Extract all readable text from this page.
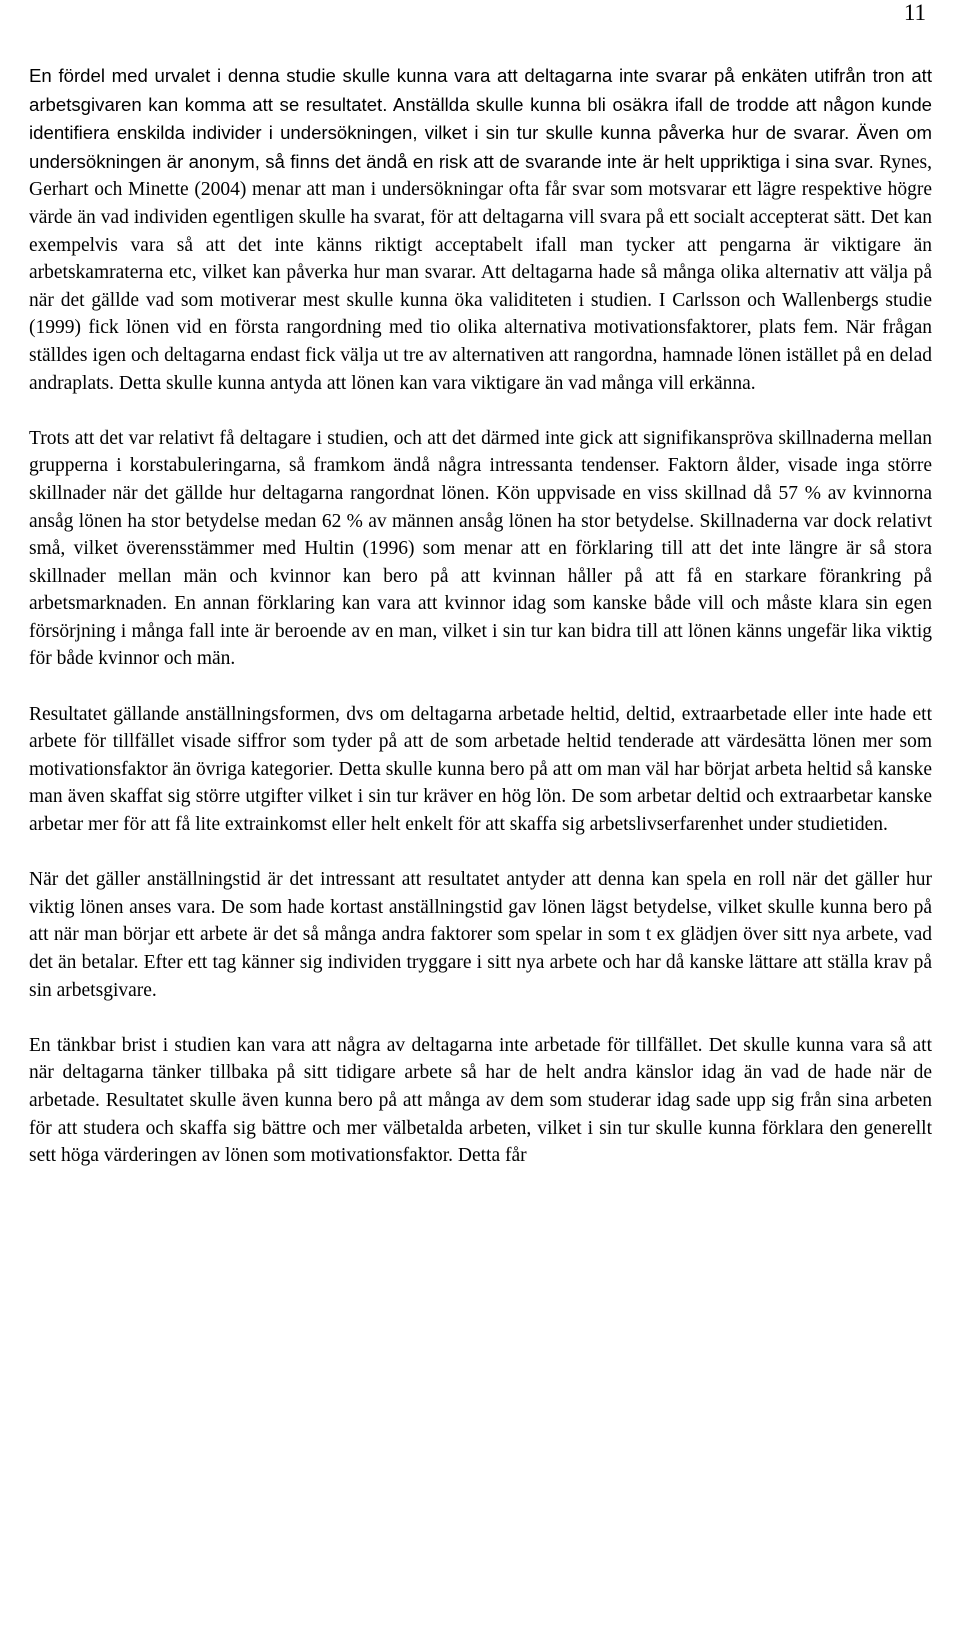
11

En fördel med urvalet i denna studie skulle kunna vara att deltagarna inte svarar på enkäten utifrån tron att arbetsgivaren kan komma att se resultatet. Anställda skulle kunna bli osäkra ifall de trodde att någon kunde identifiera enskilda individer i undersökningen, vilket i sin tur skulle kunna påverka hur de svarar. Även om undersökningen är anonym, så finns det ändå en risk att de svarande inte är helt uppriktiga i sina svar. Rynes, Gerhart och Minette (2004) menar att man i undersökningar ofta får svar som motsvarar ett lägre respektive högre värde än vad individen egentligen skulle ha svarat, för att deltagarna vill svara på ett socialt accepterat sätt. Det kan exempelvis vara så att det inte känns riktigt acceptabelt ifall man tycker att pengarna är viktigare än arbetskamraterna etc, vilket kan påverka hur man svarar. Att deltagarna hade så många olika alternativ att välja på när det gällde vad som motiverar mest skulle kunna öka validiteten i studien. I Carlsson och Wallenbergs studie (1999) fick lönen vid en första rangordning med tio olika alternativa motivationsfaktorer, plats fem. När frågan ställdes igen och deltagarna endast fick välja ut tre av alternativen att rangordna, hamnade lönen istället på en delad andraplats. Detta skulle kunna antyda att lönen kan vara viktigare än vad många vill erkänna.

Trots att det var relativt få deltagare i studien, och att det därmed inte gick att signifikanspröva skillnaderna mellan grupperna i korstabuleringarna, så framkom ändå några intressanta tendenser. Faktorn ålder, visade inga större skillnader när det gällde hur deltagarna rangordnat lönen. Kön uppvisade en viss skillnad då 57 % av kvinnorna ansåg lönen ha stor betydelse medan 62 % av männen ansåg lönen ha stor betydelse. Skillnaderna var dock relativt små, vilket överensstämmer med Hultin (1996) som menar att en förklaring till att det inte längre är så stora skillnader mellan män och kvinnor kan bero på att kvinnan håller på att få en starkare förankring på arbetsmarknaden. En annan förklaring kan vara att kvinnor idag som kanske både vill och måste klara sin egen försörjning i många fall inte är beroende av en man, vilket i sin tur kan bidra till att lönen känns ungefär lika viktig för både kvinnor och män.

Resultatet gällande anställningsformen, dvs om deltagarna arbetade heltid, deltid, extraarbetade eller inte hade ett arbete för tillfället visade siffror som tyder på att de som arbetade heltid tenderade att värdesätta lönen mer som motivationsfaktor än övriga kategorier. Detta skulle kunna bero på att om man väl har börjat arbeta heltid så kanske man även skaffat sig större utgifter vilket i sin tur kräver en hög lön. De som arbetar deltid och extraarbetar kanske arbetar mer för att få lite extrainkomst eller helt enkelt för att skaffa sig arbetslivserfarenhet under studietiden.

När det gäller anställningstid är det intressant att resultatet antyder att denna kan spela en roll när det gäller hur viktig lönen anses vara. De som hade kortast anställningstid gav lönen lägst betydelse, vilket skulle kunna bero på att när man börjar ett arbete är det så många andra faktorer som spelar in som t ex glädjen över sitt nya arbete, vad det än betalar. Efter ett tag känner sig individen tryggare i sitt nya arbete och har då kanske lättare att ställa krav på sin arbetsgivare.

En tänkbar brist i studien kan vara att några av deltagarna inte arbetade för tillfället. Det skulle kunna vara så att när deltagarna tänker tillbaka på sitt tidigare arbete så har de helt andra känslor idag än vad de hade när de arbetade. Resultatet skulle även kunna bero på att många av dem som studerar idag sade upp sig från sina arbeten för att studera och skaffa sig bättre och mer välbetalda arbeten, vilket i sin tur skulle kunna förklara den generellt sett höga värderingen av lönen som motivationsfaktor. Detta får
